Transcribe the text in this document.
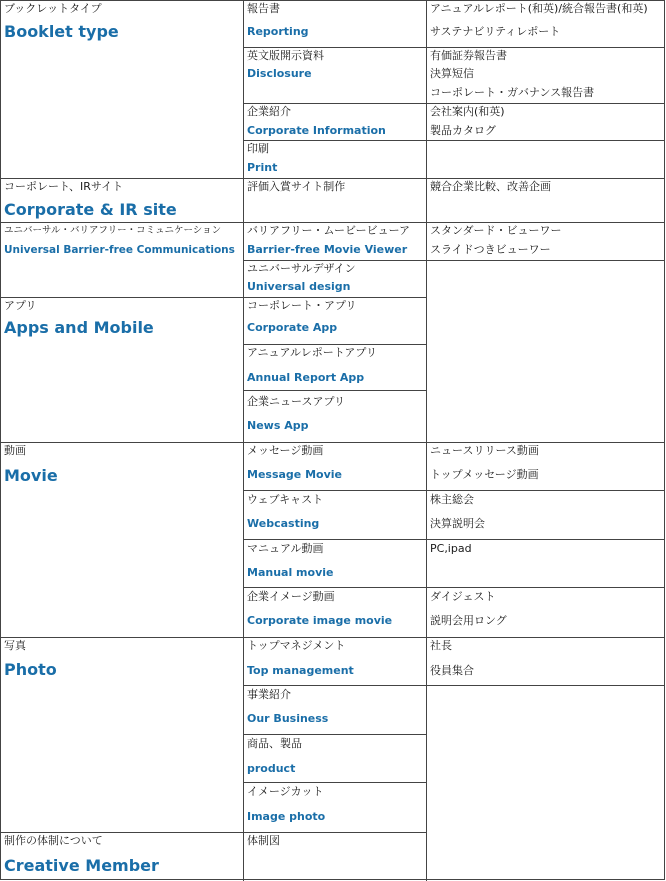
ブックレットタイプ
Booklet type
コーポレート、IRサイト
Corporate & IR site
ユニバーサル・バリアフリー・コミュニケーション
Universal Barrier-free Communications
アプリ
Apps and Mobile
動画
Movie
写真
Photo
制作の体制について
Creative Member
報告書
Reporting
英文版開示資料
Disclosure
企業紹介
Corporate Information
印刷
Print
評価入賞サイト制作
バリアフリー・ムービービューア
Barrier-free Movie Viewer
ユニバーサルデザイン
Universal design
コーポレート・アプリ
Corporate App
アニュアルレポートアプリ
Annual Report App
企業ニュースアプリ
News App
メッセージ動画
Message Movie
ウェブキャスト
Webcasting
マニュアル動画
Manual movie
企業イメージ動画
Corporate image movie
トップマネジメント
Top management
事業紹介
Our Business
商品、製品
product
イメージカット
Image photo
体制図
アニュアルレポート(和英)/統合報告書(和英)
サステナビリティレポート
有価証券報告書
決算短信
コーポレート・ガバナンス報告書
会社案内(和英)
製品カタログ
競合企業比較、改善企画
スタンダード・ビューワー
スライドつきビューワー
ニュースリリース動画
トップメッセージ動画
株主総会
決算説明会
PC,ipad
ダイジェスト
説明会用ロング
社長
役員集合
